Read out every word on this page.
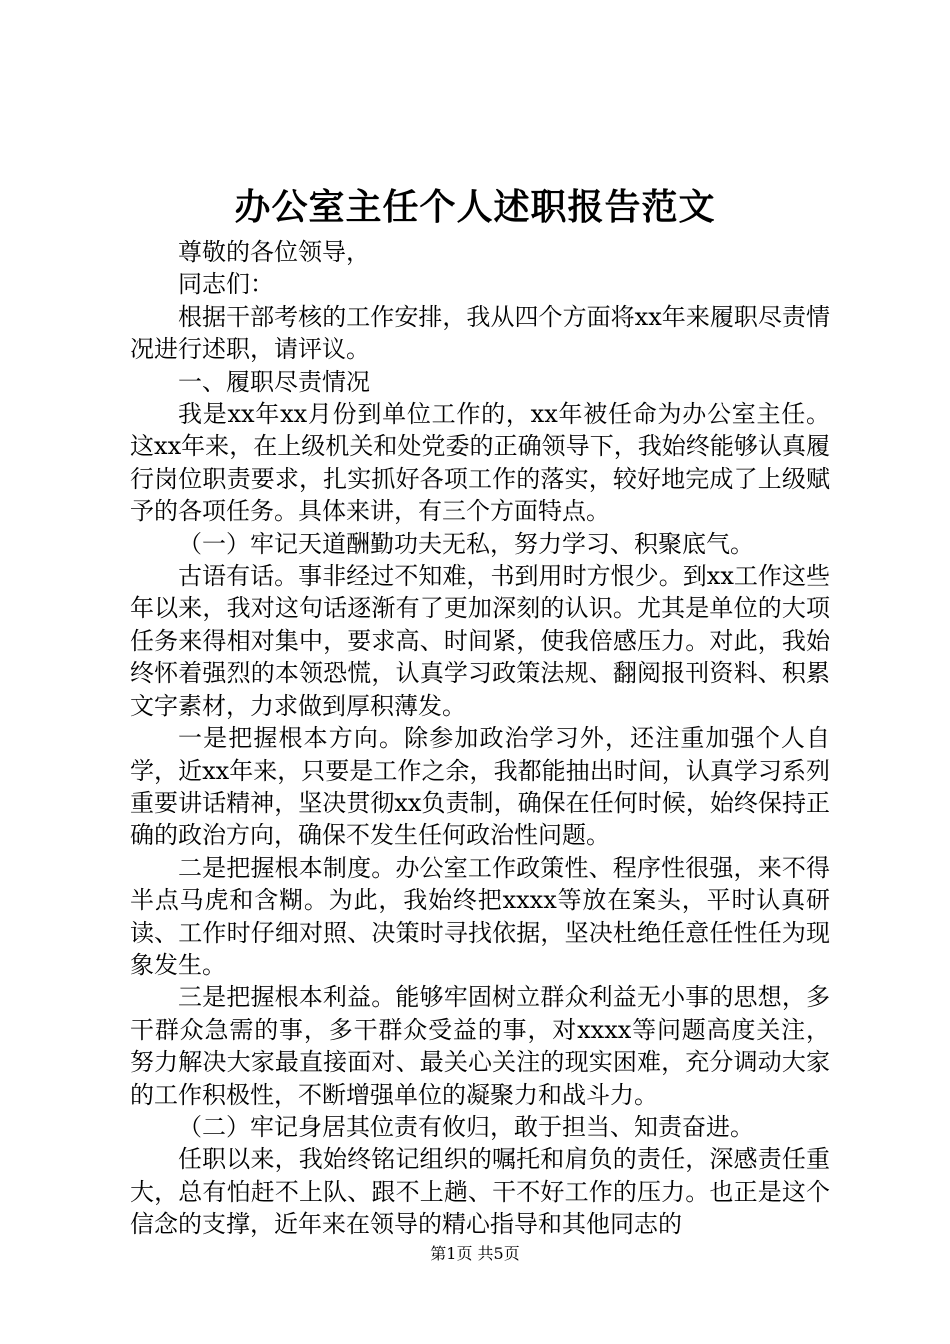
办公室主任个人述职报告范文

尊敬的各位领导，

同志们：

根据干部考核的工作安排，我从四个方面将xx年来履职尽责情况进行述职，请评议。

一、履职尽责情况

我是xx年xx月份到单位工作的，xx年被任命为办公室主任。这xx年来，在上级机关和处党委的正确领导下，我始终能够认真履行岗位职责要求，扎实抓好各项工作的落实，较好地完成了上级赋予的各项任务。具体来讲，有三个方面特点。

（一）牢记天道酬勤功夫无私，努力学习、积聚底气。

古语有话。事非经过不知难，书到用时方恨少。到xx工作这些年以来，我对这句话逐渐有了更加深刻的认识。尤其是单位的大项任务来得相对集中，要求高、时间紧，使我倍感压力。对此，我始终怀着强烈的本领恐慌，认真学习政策法规、翻阅报刊资料、积累文字素材，力求做到厚积薄发。

一是把握根本方向。除参加政治学习外，还注重加强个人自学，近xx年来，只要是工作之余，我都能抽出时间，认真学习系列重要讲话精神，坚决贯彻xx负责制，确保在任何时候，始终保持正确的政治方向，确保不发生任何政治性问题。

二是把握根本制度。办公室工作政策性、程序性很强，来不得半点马虎和含糊。为此，我始终把xxxx等放在案头，平时认真研读、工作时仔细对照、决策时寻找依据，坚决杜绝任意任性任为现象发生。

三是把握根本利益。能够牢固树立群众利益无小事的思想，多干群众急需的事，多干群众受益的事，对xxxx等问题高度关注，努力解决大家最直接面对、最关心关注的现实困难，充分调动大家的工作积极性，不断增强单位的凝聚力和战斗力。

（二）牢记身居其位责有攸归，敢于担当、知责奋进。

任职以来，我始终铭记组织的嘱托和肩负的责任，深感责任重大，总有怕赶不上队、跟不上趟、干不好工作的压力。也正是这个信念的支撑，近年来在领导的精心指导和其他同志的

第1页 共5页
